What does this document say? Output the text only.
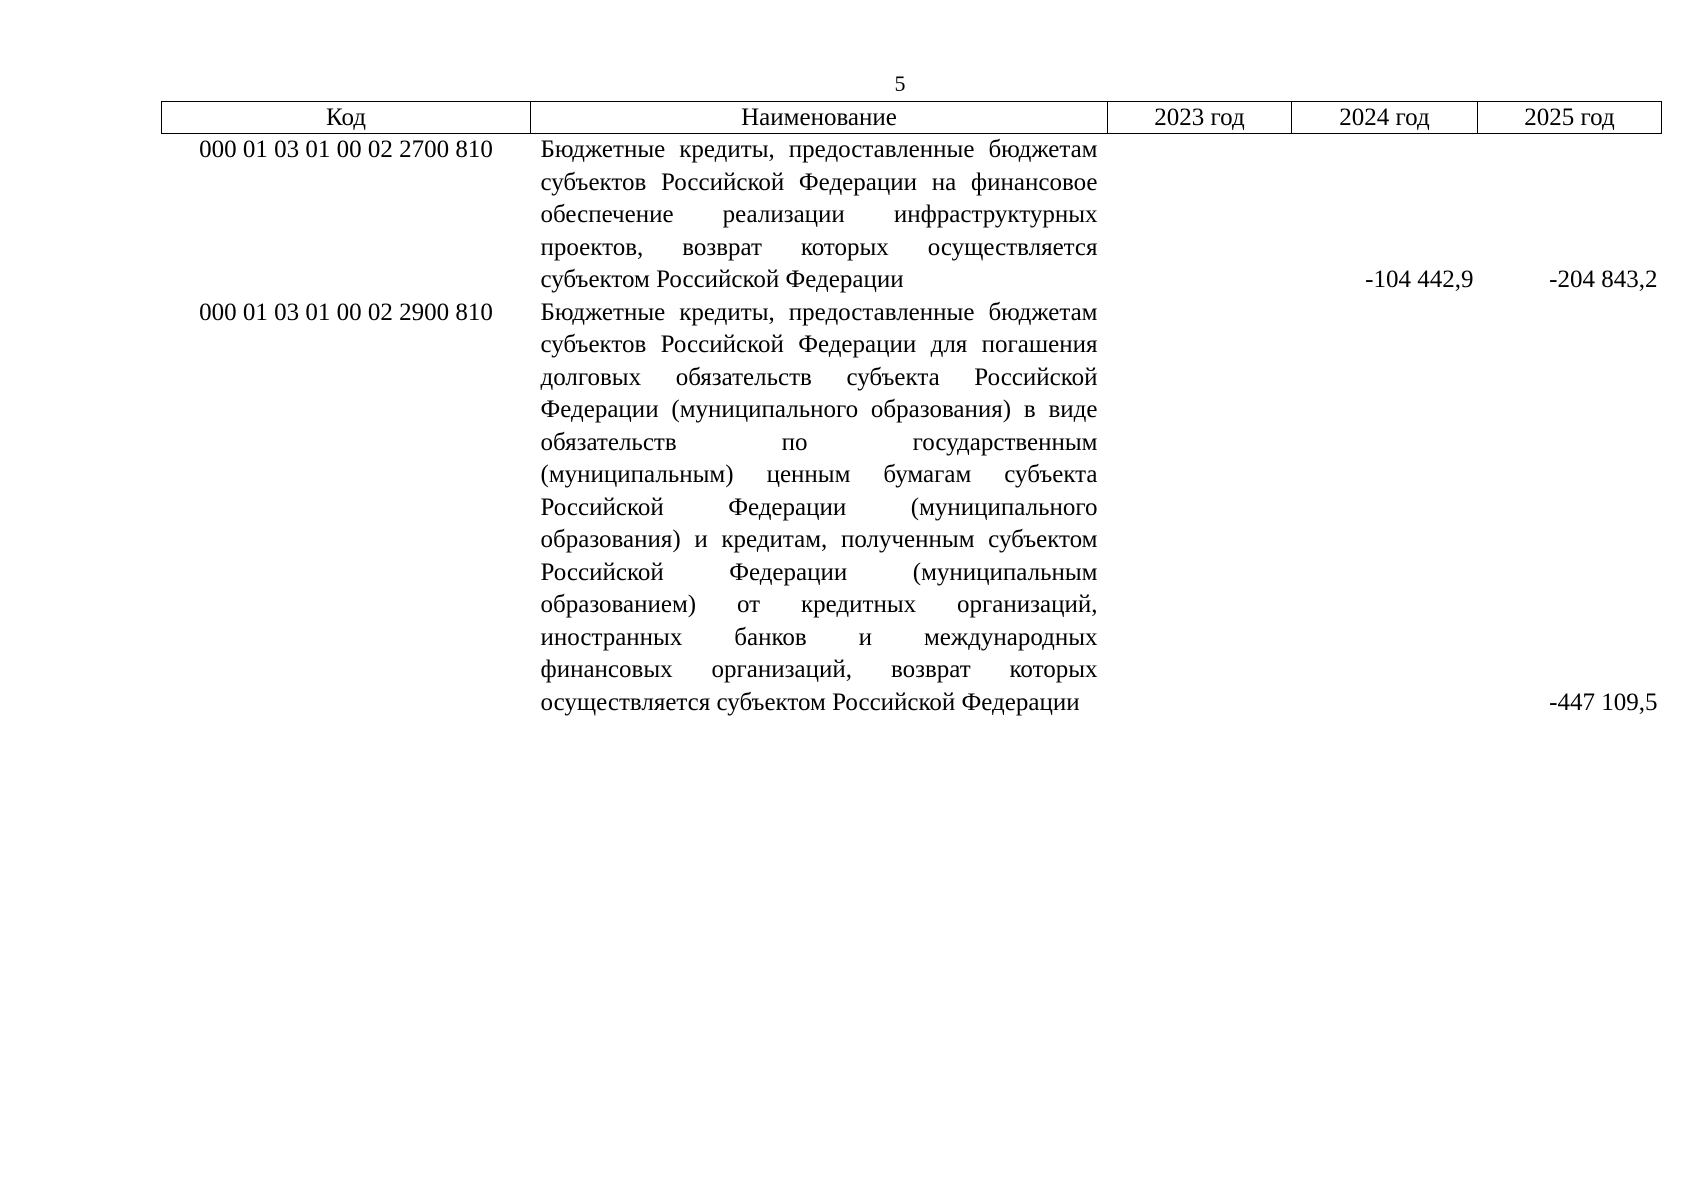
5
Код	Наименование	2023 год	2024 год	2025 год
000 01 03 01 00 02 2700 810	Бюджетные кредиты, предоставленные бюджетам субъектов Российской Федерации на финансовое обеспечение реализации инфраструктурных проектов, возврат которых осуществляется субъектом Российской Федерации		-104 442,9	-204 843,2
000 01 03 01 00 02 2900 810	Бюджетные кредиты, предоставленные бюджетам субъектов Российской Федерации для погашения долговых обязательств субъекта Российской Федерации (муниципального образования) в виде обязательств по государственным (муниципальным) ценным бумагам субъекта Российской Федерации (муниципального образования) и кредитам, полученным субъектом Российской Федерации (муниципальным образованием) от кредитных организаций, иностранных банков и международных финансовых организаций, возврат которых осуществляется субъектом Российской Федерации			-447 109,5
